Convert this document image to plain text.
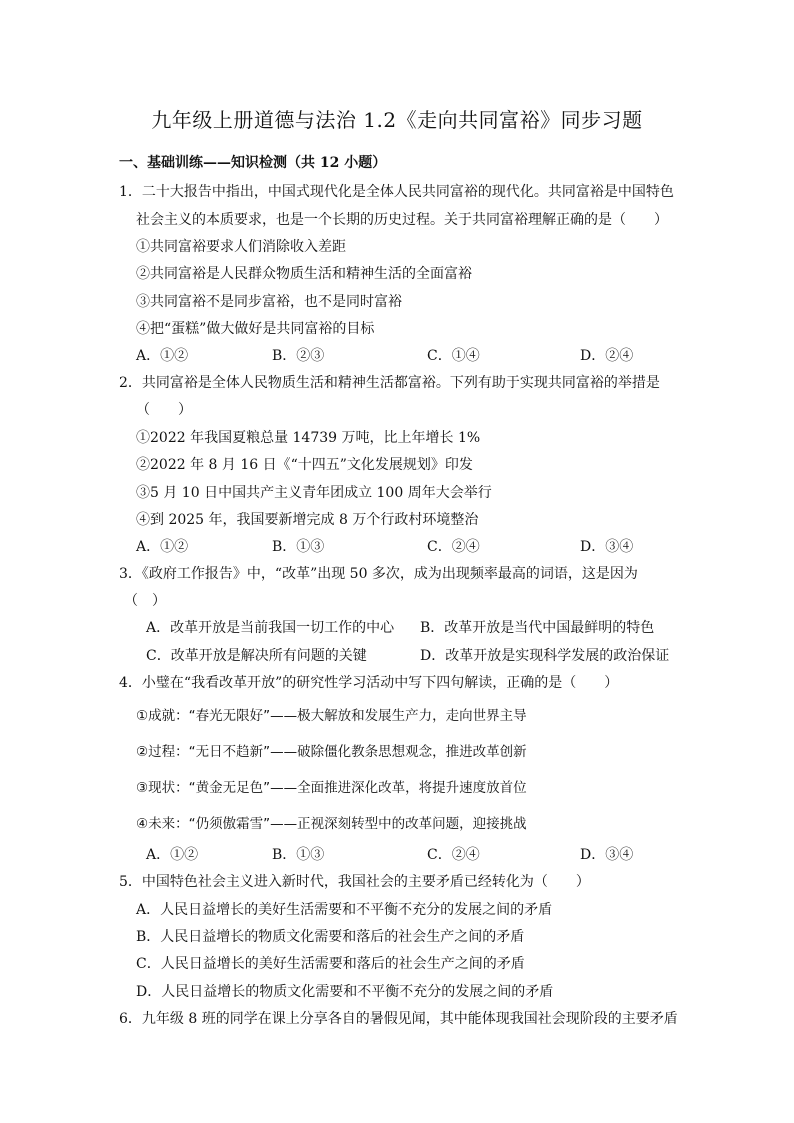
九年级上册道德与法治 1.2《走向共同富裕》同步习题
一、基础训练——知识检测（共 12 小题）
1．二十大报告中指出，中国式现代化是全体人民共同富裕的现代化。共同富裕是中国特色
社会主义的本质要求，也是一个长期的历史过程。关于共同富裕理解正确的是（　　）
①共同富裕要求人们消除收入差距
②共同富裕是人民群众物质生活和精神生活的全面富裕
③共同富裕不是同步富裕，也不是同时富裕
④把“蛋糕”做大做好是共同富裕的目标
A．①②	B．②③	C．①④	D．②④
2．共同富裕是全体人民物质生活和精神生活都富裕。下列有助于实现共同富裕的举措是
（　　）
①2022 年我国夏粮总量 14739 万吨，比上年增长 1%
②2022 年 8 月 16 日《“十四五”文化发展规划》印发
③5 月 10 日中国共产主义青年团成立 100 周年大会举行
④到 2025 年，我国要新增完成 8 万个行政村环境整治
A．①②	B．①③	C．②④	D．③④
3．《政府工作报告》中，“改革”出现 50 多次，成为出现频率最高的词语，这是因为
（　）
A．改革开放是当前我国一切工作的中心 B．改革开放是当代中国最鲜明的特色
C．改革开放是解决所有问题的关键	D．改革开放是实现科学发展的政治保证
4．小璧在“我看改革开放”的研究性学习活动中写下四句解读，正确的是（　　）
①成就：“春光无限好”——极大解放和发展生产力，走向世界主导
②过程：“无日不趋新”——破除僵化教条思想观念，推进改革创新
③现状：“黄金无足色”——全面推进深化改革，将提升速度放首位
④未来：“仍须傲霜雪”——正视深刻转型中的改革问题，迎接挑战
A．①②	B．①③	C．②④	D．③④
5．中国特色社会主义进入新时代，我国社会的主要矛盾已经转化为（　　）
A．人民日益增长的美好生活需要和不平衡不充分的发展之间的矛盾
B．人民日益增长的物质文化需要和落后的社会生产之间的矛盾
C．人民日益增长的美好生活需要和落后的社会生产之间的矛盾
D．人民日益增长的物质文化需要和不平衡不充分的发展之间的矛盾
6．九年级 8 班的同学在课上分享各自的暑假见闻，其中能体现我国社会现阶段的主要矛盾
